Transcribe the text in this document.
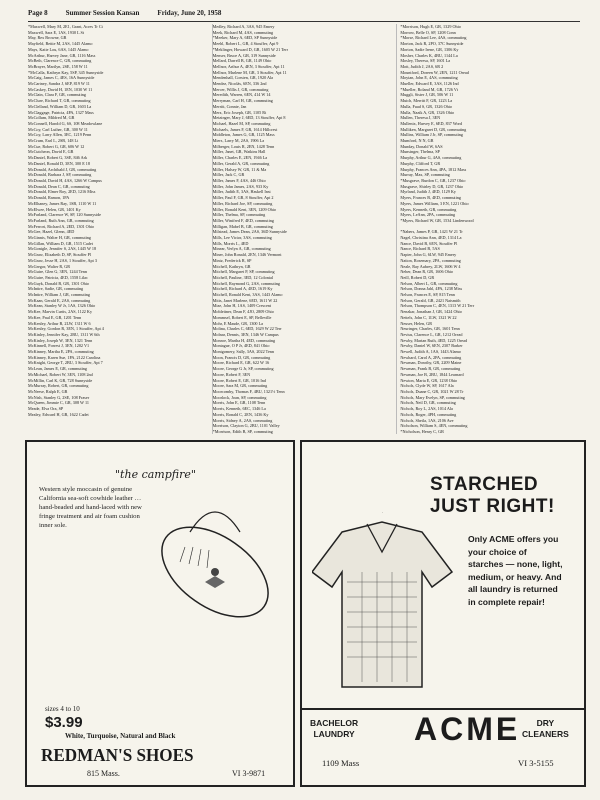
Page 8	Summer Session Kansan	Friday, June 20, 1958
*Maxwell, Mary M, 2E1, Grant, Acres Tr Ct
Maxwell, Sara E, 1AS, 1930 L St
May, Rex Browne, GR
Mayfield, Bettie M, 2AS, 1445 Alamo
Mays, Katie Lou, 6AS, 1445 Alamo
McArthur, Harvey Jane, GR, 1116 Mass
McBeth, Clarence C, GR, commuting
McBrayer, Marilyn, 2SE, 158 W 11
*McCalla, Kathryn Kay, 5SP, 345 Sunnyside
McCaig, James C, 4ES, 16A Sunnyside
McCartney, Sandra J, 6EP, 819 W 11
McCaskey, David H, 1EN, 1030 W 11
McClain, Clara F, GR, commuting
McClure, Richard T, GR, commuting
McClelland, William D, GR, 1603 La
McClaggage, Patricia, 4PA, 1327 Mass
McCollum, Mildred M, GR
McConnell, Harold G, 6S, 108 Meadowlane
McCoy, Carl Luther, GR, 300 W 11
McCoy, Larry Allen, 3EC, 1219 Penn
McCrum, Earl L, 2SB, 148 Li
McCue, Robert G, GR, 606 W 12
McCutcheon, David E, GR
McDaniel, Robert G, 3SE, 846 Ark
McDaniel, Ronald D, 3EN, 300 E 18
McDonald, Archibald J, GR, commuting
McDonald, Barbara J, SP, commuting
McDonald, David H, 4AS, 1266 W Campus
McDonald, Dean C, GR, commuting
McDonald, Elmer Roy, 2ED, 1216 Miss
McDonald, Ramon, 1PA
McElhaney, James Ray, 1SB, 1110 W 11
McElwee, Helen, GR, 1401 Ky
McFarland, Clarence W, SP, 120 Sunnyside
McFarland, Ruth Ann, GR, commuting
McFerrori, Richard A, 2ED, 1301 Ohio
McGee, Hazel, Glenn, 4ED
McGinnis, Walter H, GR, commuting
McGillan, William D, GR, 1515 Cadet
McGonigle, Jennifer S, 2AS, 1445 W 18
McGraw, Elizabeth D, SP, Stouffer Pl
McGraw, Jesse H, 2AS, 1 Stouffer, Apt 3
McGregor, Walter R, GR
McGuire, Glen G, 3EN, 1244 Tenn
McGuire, Patricia, 4ED, 1558 Lilac
McGuyk, Donald B, GR, 1301 Ohio
McIntire, Sadie, GR, commuting
McIntire, William J, GR, commuting
McKaan, Gerald E, 2AS, commuting
McKean, Stanley W Jr, 1AS, 1326 Ohio
McKee, Marvin Curtis, 2AS, 1122 Ky
McKee, Paul E, GR, 1201 Tenn
McKenley, Arthur B, 2LW, 1311 W 6
McKenley, Gordon R, 3EN, 1 Stouffer, Apt 4
McKinley, Jennifer Kay, 2BU, 1311 W 6th
McKinley, Joseph W, 3EN, 1321 Tenn
McKinnell, Forrest J, 3EN, 1202 V1
McKinney, Martha E, 2PA, commuting
McKinney, Karen Sue, 1PA, 2122 Carolina
McKnight, George T, 2BU, 3 Stouffer, Apt 7
McLean, James E, GR, commuting
McMichael, Robert W, 3EN, 1108 2nd
McMillin, Carl K, GR, 728 Sunnyside
McMurray, Robert, GR, commuting
McNeese, Ralph E, GR
McNish, Stanley G, 2SE, 108 Fraser
McQueen, Jimmie C, GR, 308 W 11
Meade, Elva Ora, SP
Mealey, Edward H, GR, 1622 Cadet
Medley, Richard A, 3AS, 945 Emery
Meek, Richard M, 4AS, commuting
*Meeker, Mary A, 6ED, SP Sunnyside
Meehl, Robert L, GR, 4 Stouffer, Apt 9
*Meklinger, Howard D, GR, 1605 W 21 Terr
Menser, Bruce A, GR, 319 Sunnyside
Mellard, Darrell B, GR, 1149 Ohio
Mellnor, Arthur A, 4EN, 3 Stouffer, Apt 11
Mellnor, Marlene M, GR, 3 Stouffer, Apt 11
Mendenhall, Corsten, GR, 1920 Ala
Mendez, Nicolás, 6EN, 336 2nd
Mercer, Willis J, GR, commuting
Meredith, Warren, 6EN, 414 W 14
Merryman, Carl H, GR, commuting
Merritt, Connie, Jan
Merz, Eric Joseph, GR, 1105 Ri
Metzinger, Mary J, 6ED, 13 Stouffer, Apt 8
Michael, Hazel M, SP, commuting
Michaels, James F, GR, 1614 Hillcrest
Middleton, James G, GR, 1125 Mass
Miers, Larry M, 2AS, 1906 La
Milberger, Louis R, 2EN, 1428 Tenn
Miller, Janet, GR, Watkins Hall
Miller, Charles E, 2EN, 1946 La
Miller, Gerald A, GR, commuting
Miller, Halsey W, GR, 11 & Ma
Miller, Jack C, GR
Miller, James F, 4AS, 446 Ohio
Miller, John James, 2AS, 933 Ky
Miller, Judith E, 3AS, Haskell Inst
Miller, Paul F, GR, 8 Stouffer, Apt 2
Miller, Richard Joe, SP, commuting
Miller, Ronald Kent, 3EN, 1209 Ohio
Miller, Thelma, SP, commuting
Miller, Winifred F, 4ED, commuting
Milligan, Mabel B, GR, commuting
Milstead, James Dean, 2AS, 36D Sunnyside
Mills, Lee Victor, 3AS, commuting
Mills, Morris L, 4ED
Minear, Verlyn A, GR, commuting
Miner, John Ronald, 2EN, 1346 Vermont
Mintz, Frederick R, SP
Mitchell, Kathryn, GR
Mitchell, Margaret P, SP, commuting
Mitchell, Pauline, 3ED, 12 Colonial
Mitchell, Raymond G, 2AS, commuting
Mitchell, Richard A, 4ED, 1619 Ky
Mitchell, Ronald Kent, 3AS, 1443 Alamo
Mitts, Janet Marlene, 6ED, 1611 W 22
Mize, John H, 1AS, 1409 Crescent
Mobleitner, Dean F, 4JO, 2809 Ohio
Mommsel, Robert E, SP, Belleville
Mohr, E Maude, GR, 1300 La
Molina, Charles C, 6ED, 1629 W 22 Terr
Molnar, Dennis, 3EN, 1346 W Campus
Monroe, Martha H, 4ED, commuting
Montague, O P Jr, 4ED, 841 Ohio
Montgomery, Sally, 3AS, 2022 Tenn
Moon, Francis D, GR, commuting
Moore, Richard E, GR, 622 W 16
Moore, George G Jr, SP, commuting
Moore, Robert F, 3EN
Moore, Robert E, GR, 1016 Ind
Moore, Sara M, GR, commuting
Moorcomby, Thomas F, 4BU, 1321½ Tenn
Moorlock, Joan, SP, commuting
Morris, John E, GR, 1108 Tenn
Morris, Kenneth, 6EC, 1346 La
Morris, Ronald C, 2EN, 1436 Ky
Morris, Sidney A, 2AS, commuting
Morrison, Clayton G, 2BU, 1101 Valley
*Morrison, Edith B, SP, commuting
*Morrison, Hugh E, GR, 1329 Ohio
Morrow, Belle O, SP, 1208 Conn
*Morse, Richard Lee, 4AS, commuting
Morton, Jack R, 2PO, 37C Sunnyside
Morton, Sadie Irene, GR, 1306 Ky
Mosher, Charles K, 4BU, 1144 La
Mosley, Theresa, SP, 1601 La
Mott, Judith J, 2AS, 6R 2
Mountford, Doreen W, 2EN, 1211 Oread
Moyian, John E, 4AS, commuting
Mueller, Edward E, 3AS, 1126 Ind
*Mueller, Roland M, GR, 1726 Vt
Muggli, Sister J, GR, 506 W 11
Muich, Merritt F, GR, 1223 La
Mulla, Fuad S, GR, 1326 Ohio
Mulla, Nazik A, GR, 1326 Ohio
Mullen, Theresa J, 3EN
Mullenix, Harvey E, 6ED, 837 Word
Mulliken, Margaret D, GR, commuting
Mullins, William J Jr, SP, commuting
Mumford, N N, GR
Munday, Donald W, 6AS
Munsinger, Thelma, SP
Murphy, Arthur G, 4AS, commuting
Murphy, Clifford T, GR
Murphy, Frances Ann, 4PA, 1812 Mass
Murray, Max, SP, commuting
*Musgrave, Burdon C, GR, 1237 Ohio
Musgrave, Shirley D, GR, 1237 Ohio
Myrland, Judith J, 4ED, 1129 Ky
Myers, Frances B, 4ED, commuting
Myers, James William, 3 EN, 1221 Ohio
Myers, Kenneth, GR, commuting
Myers, LeAnn, 2PA, commuting
*Myers, Richard W, GR, 1534 Lindenwood

*Nabers, James P, GR, 1421 W 21 Tr
Nagel, Christina Ann, 4ED, 1314 La
Nance, David B, 6EN, Stouffer Pl
Nance, Richard B, 5AS
Napier, John G, 6LW, 945 Emery
Nation, Rosemary, 2PA, commuting
Neale, Ray Aubrey, 2LW, 1606 W 4
Neher, Dean R, GR, 1606 Ohio
Neill, Robert D, GR
Nelson, Albert L, GR, commuting
Nelson, Donna Jahl, 4PA, 1238 Miss
Nelson, Frances E, SP, 815 Tenn
Nelson, Gerald, GR, 2421 Naismith
Nelson, Thompson C, 4EN, 1313 W 21 Terr
Nenzkar, Jonathan J, GR, 1424 Ohio
Nettels, John C, 1LW, 1321 W 22
Neuser, Helen, GR
Neuringer, Charles, GR, 1601 Tenn
Nevius, Clarence L, GR, 1212 Oread
Newby, Marian Ruth, 4ED, 1225 Oread
Newby, Daniel W, 6EN, 2307 Barker
Newell, Judith A, 1AS, 1443 Alamo
Newhard, Carol A, 2PA, commuting
Newman, Dorothy, GR, 2209 Maine
Newman, Frank B, GR, commuting
Newman, Joe B, 2BU, 1844 Learnard
Newton, Maria E, GR, 1238 Ohio
Nichols, Clyde W, SP, 1617 Ala
Nichols, Duane C, GR, 1021 W 28 Tr
Nichols, Mary Evelyn, SP, commuting
Nichols, Neil D, GR, commuting
Nichols, Roy L, 2AS, 1014 Ala
Nichols, Roger, 4PH, commuting
Nichols, Sheila, 1AS, 2106 Ave
Nicholson, William S, 4EN, commuting
*Nicholson, Henry C, GR
"the campfire"
Western style moccasin of genuine California sea-soft cowhide leather … hand-beaded and hand-laced with new fringe treatment and air foam cushion inner sole.
sizes 4 to 10
$3.99
White, Turquoise, Natural and Black
REDMAN'S SHOES
815 Mass.	VI 3-9871
STARCHED
JUST RIGHT!
Only ACME offers you your choice of starches — none, light, medium, or heavy. And all laundry is returned in complete repair!
BACHELOR
LAUNDRY ACME	DRY
CLEANERS
1109 Mass	VI 3-5155
